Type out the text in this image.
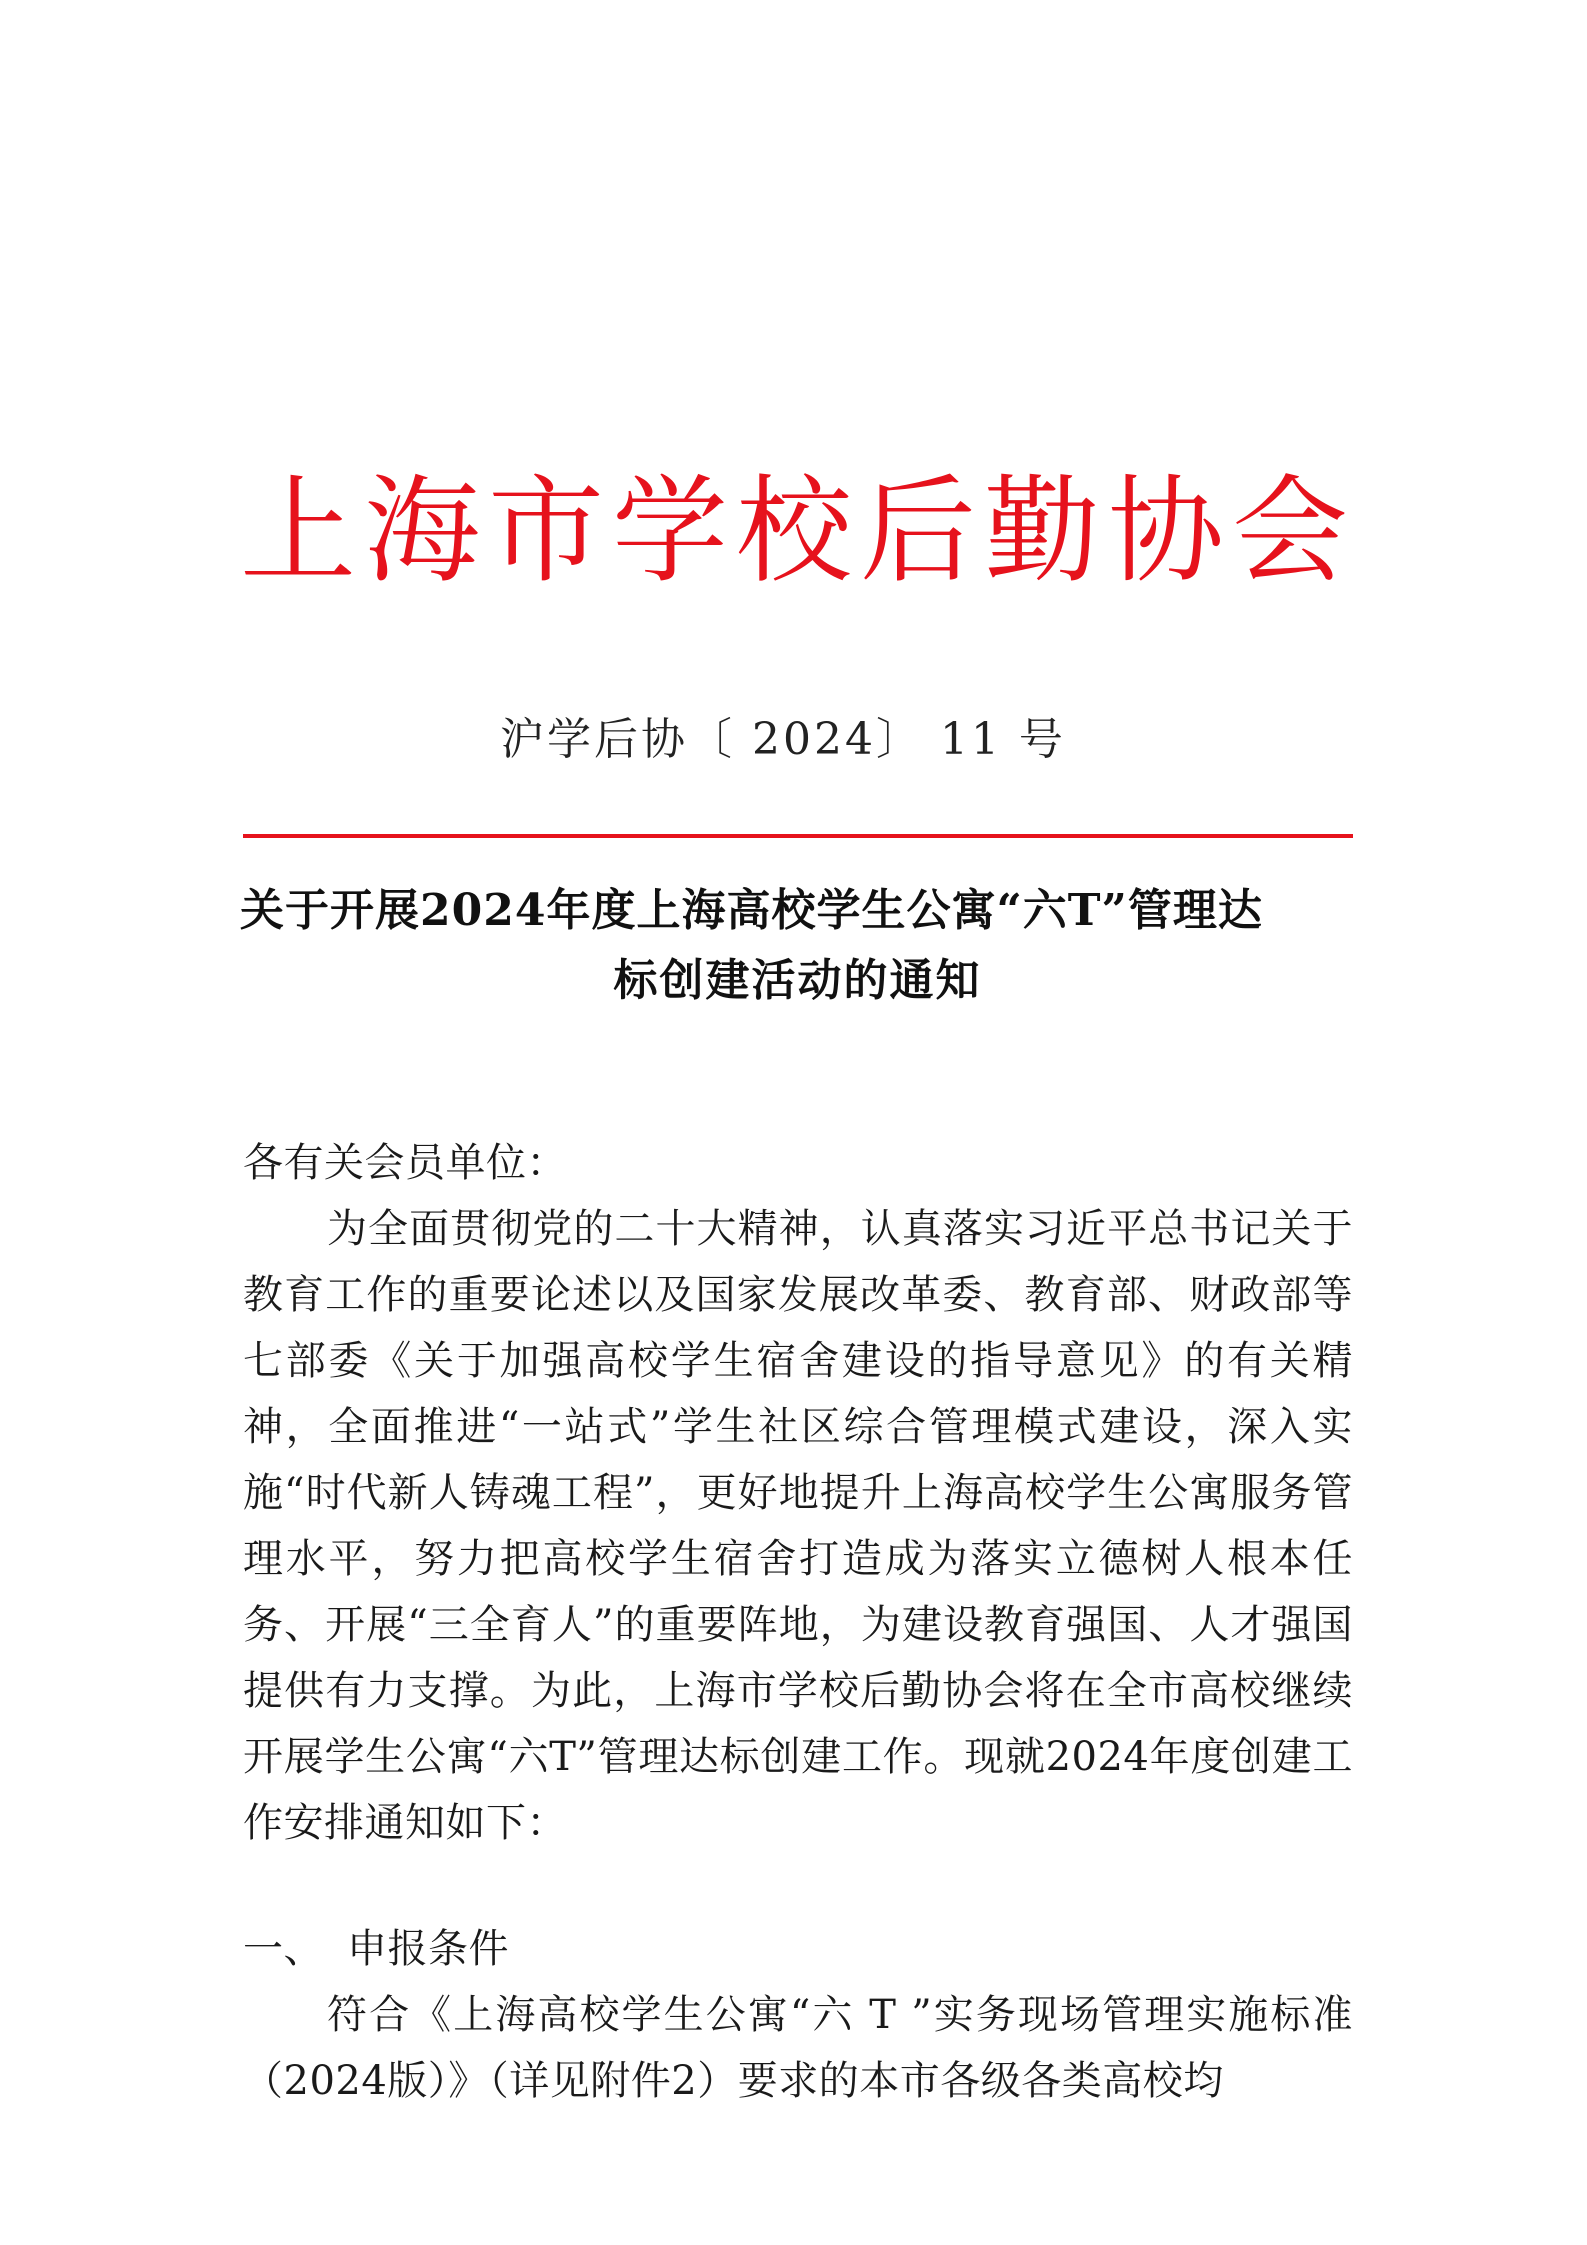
上海市学校后勤协会
沪学后协〔 2024〕 11 号
关于开展2024年度上海高校学生公寓“六T”管理达
标创建活动的通知
各有关会员单位：
为全面贯彻党的二十大精神，认真落实习近平总书记关于教育工作的重要论述以及国家发展改革委、教育部、财政部等七部委《关于加强高校学生宿舍建设的指导意见》的有关精神，全面推进“一站式”学生社区综合管理模式建设，深入实施“时代新人铸魂工程”，更好地提升上海高校学生公寓服务管理水平，努力把高校学生宿舍打造成为落实立德树人根本任务、开展“三全育人”的重要阵地，为建设教育强国、人才强国提供有力支撑。为此，上海市学校后勤协会将在全市高校继续开展学生公寓“六T”管理达标创建工作。现就2024年度创建工作安排通知如下：
一、 申报条件
符合《上海高校学生公寓“六 T ”实务现场管理实施标准（2024版）》（详见附件2）要求的本市各级各类高校均
